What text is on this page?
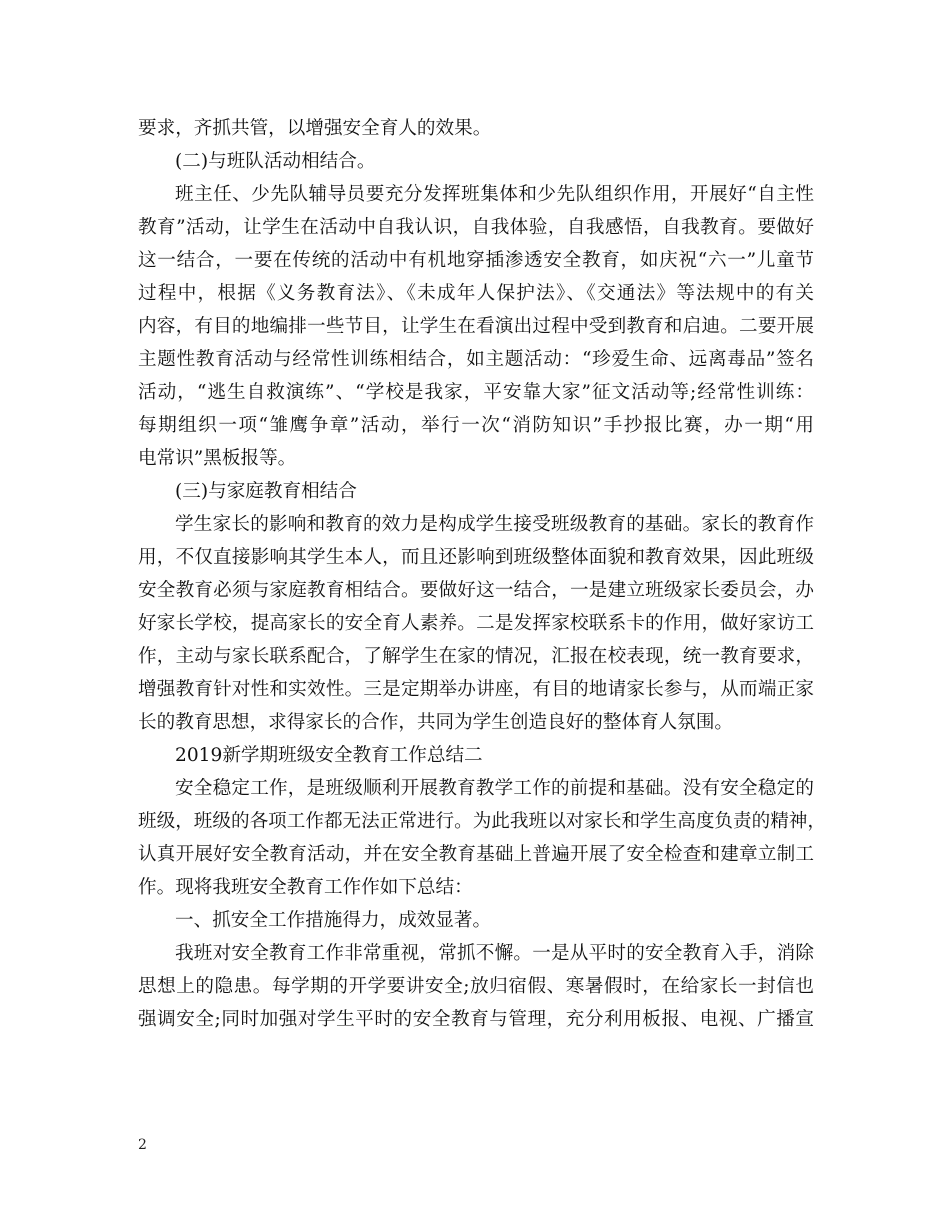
要求，齐抓共管，以增强安全育人的效果。
(二)与班队活动相结合。
班主任、少先队辅导员要充分发挥班集体和少先队组织作用，开展好“自主性
教育”活动，让学生在活动中自我认识，自我体验，自我感悟，自我教育。要做好
这一结合，一要在传统的活动中有机地穿插渗透安全教育，如庆祝“六一”儿童节
过程中，根据《义务教育法》、《未成年人保护法》、《交通法》等法规中的有关
内容，有目的地编排一些节目，让学生在看演出过程中受到教育和启迪。二要开展
主题性教育活动与经常性训练相结合，如主题活动：“珍爱生命、远离毒品”签名
活动，“逃生自救演练”、“学校是我家，平安靠大家”征文活动等;经常性训练：
每期组织一项“雏鹰争章”活动，举行一次“消防知识”手抄报比赛，办一期“用
电常识”黑板报等。
(三)与家庭教育相结合
学生家长的影响和教育的效力是构成学生接受班级教育的基础。家长的教育作
用，不仅直接影响其学生本人，而且还影响到班级整体面貌和教育效果，因此班级
安全教育必须与家庭教育相结合。要做好这一结合，一是建立班级家长委员会，办
好家长学校，提高家长的安全育人素养。二是发挥家校联系卡的作用，做好家访工
作，主动与家长联系配合，了解学生在家的情况，汇报在校表现，统一教育要求，
增强教育针对性和实效性。三是定期举办讲座，有目的地请家长参与，从而端正家
长的教育思想，求得家长的合作，共同为学生创造良好的整体育人氛围。
2019新学期班级安全教育工作总结二
安全稳定工作，是班级顺利开展教育教学工作的前提和基础。没有安全稳定的
班级，班级的各项工作都无法正常进行。为此我班以对家长和学生高度负责的精神，
认真开展好安全教育活动，并在安全教育基础上普遍开展了安全检查和建章立制工
作。现将我班安全教育工作作如下总结：
一、抓安全工作措施得力，成效显著。
我班对安全教育工作非常重视，常抓不懈。一是从平时的安全教育入手，消除
思想上的隐患。每学期的开学要讲安全;放归宿假、寒暑假时，在给家长一封信也
强调安全;同时加强对学生平时的安全教育与管理，充分利用板报、电视、广播宣
2
